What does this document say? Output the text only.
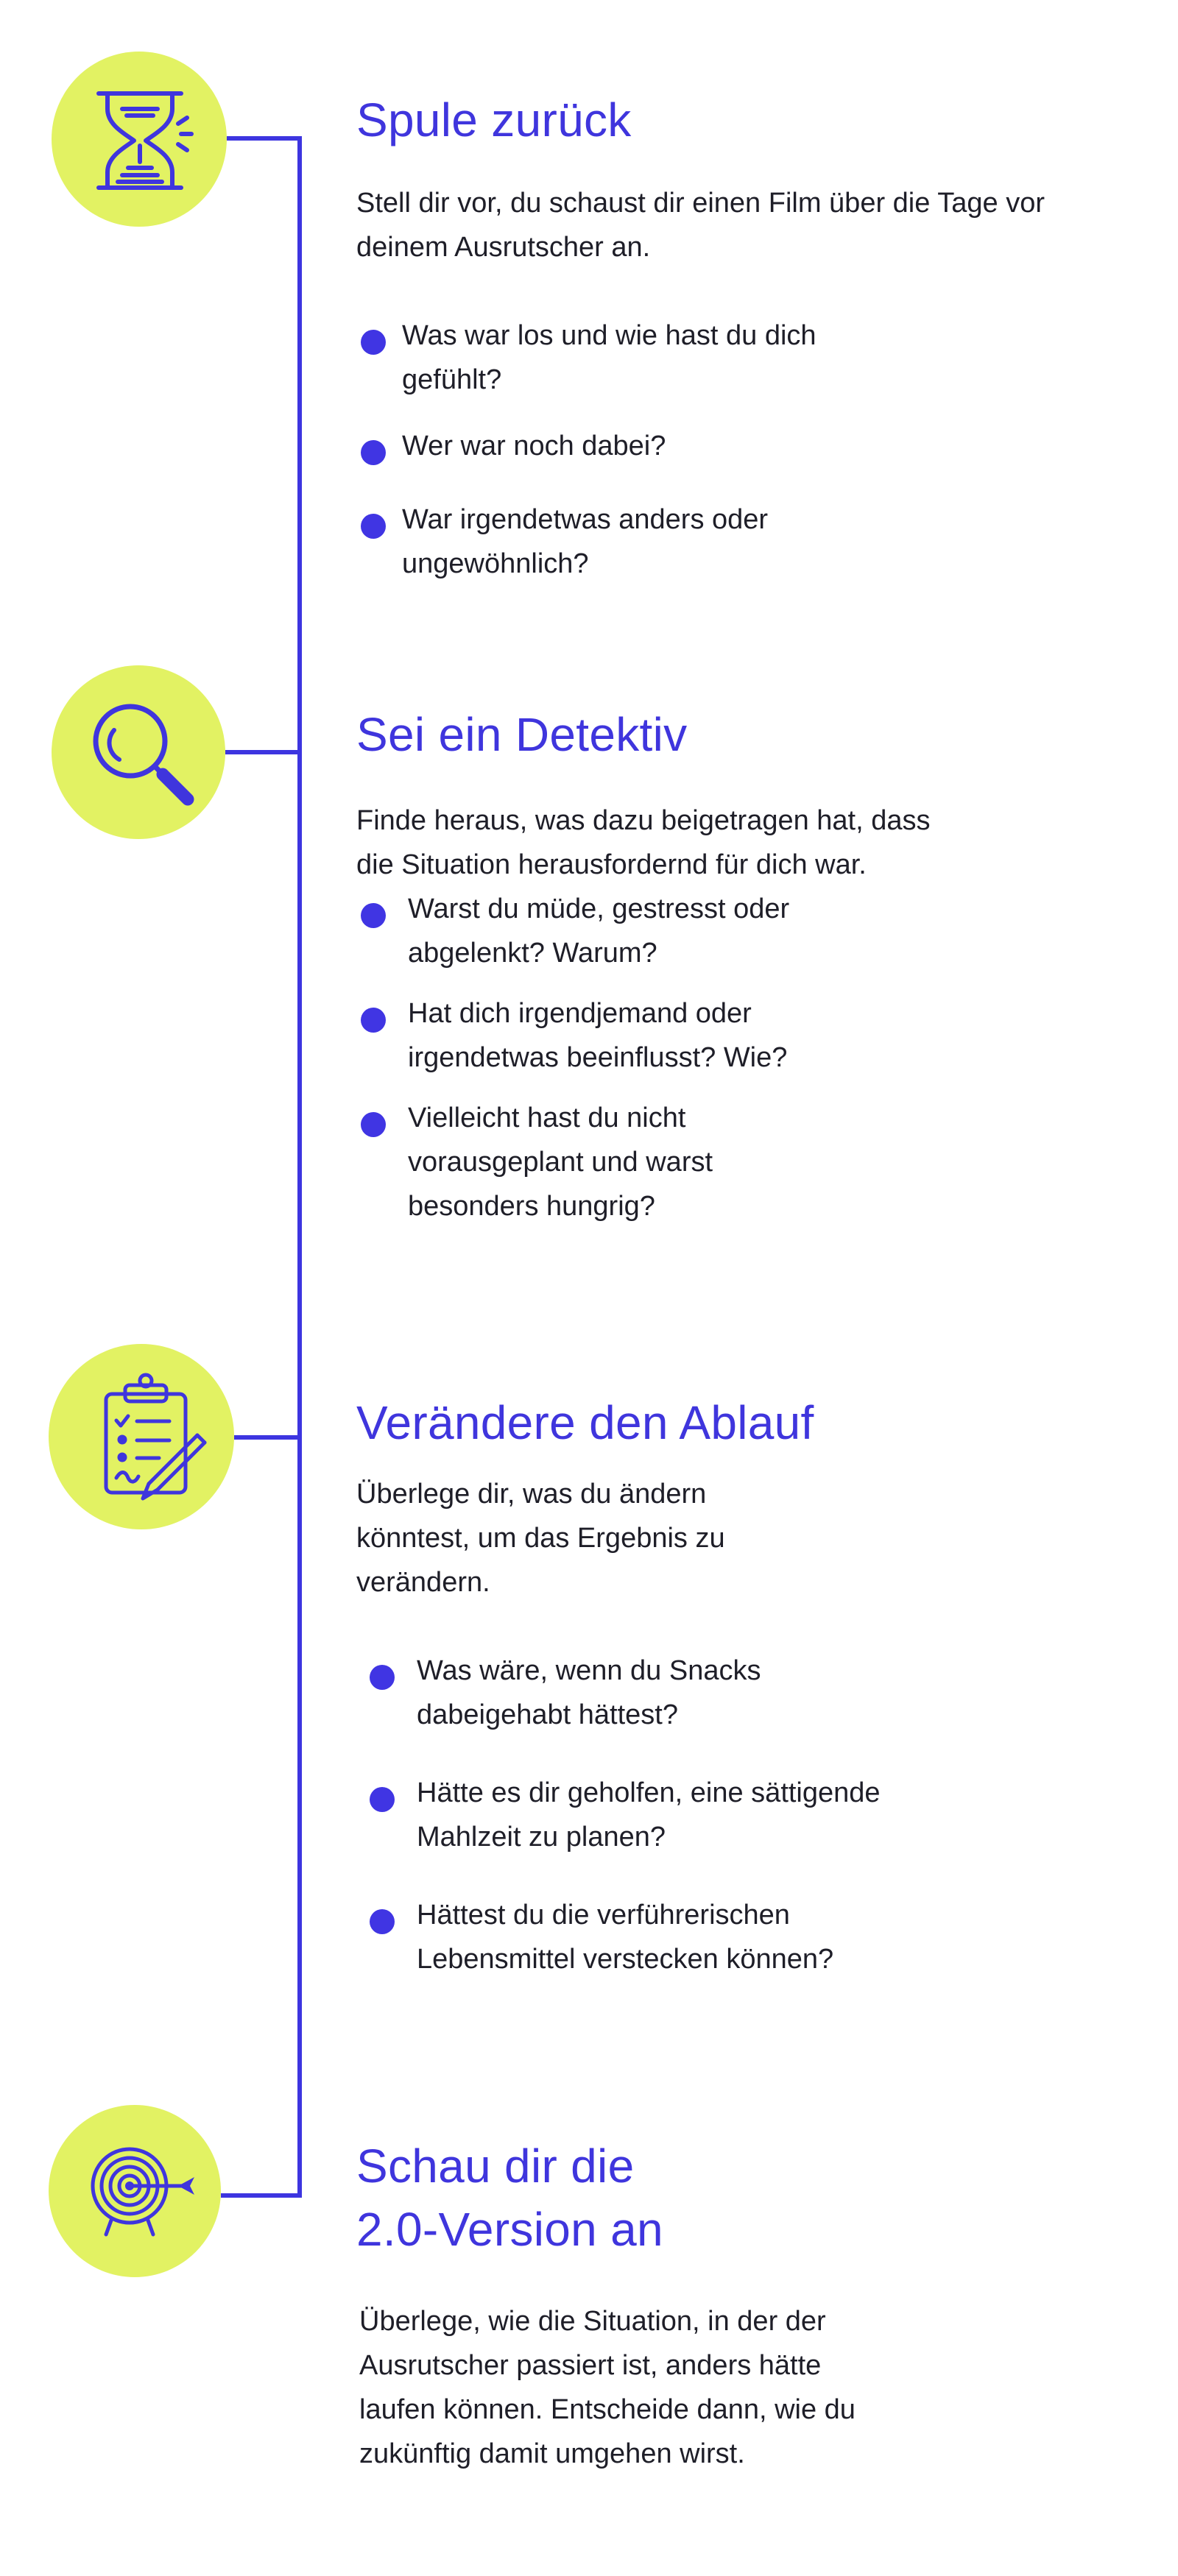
Spule zurück

Stell dir vor, du schaust dir einen Film über die Tage vor deinem Ausrutscher an.

Was war los und wie hast du dich gefühlt?
Wer war noch dabei?
War irgendetwas anders oder ungewöhnlich?
Sei ein Detektiv

Finde heraus, was dazu beigetragen hat, dass die Situation herausfordernd für dich war.

Warst du müde, gestresst oder abgelenkt? Warum?
Hat dich irgendjemand oder irgendetwas beeinflusst? Wie?
Vielleicht hast du nicht vorausgeplant und warst besonders hungrig?
Verändere den Ablauf

Überlege dir, was du ändern könntest, um das Ergebnis zu verändern.

Was wäre, wenn du Snacks dabeigehabt hättest?
Hätte es dir geholfen, eine sättigende Mahlzeit zu planen?
Hättest du die verführerischen Lebensmittel verstecken können?
Schau dir die 2.0-Version an

Überlege, wie die Situation, in der der Ausrutscher passiert ist, anders hätte laufen können. Entscheide dann, wie du zukünftig damit umgehen wirst.
